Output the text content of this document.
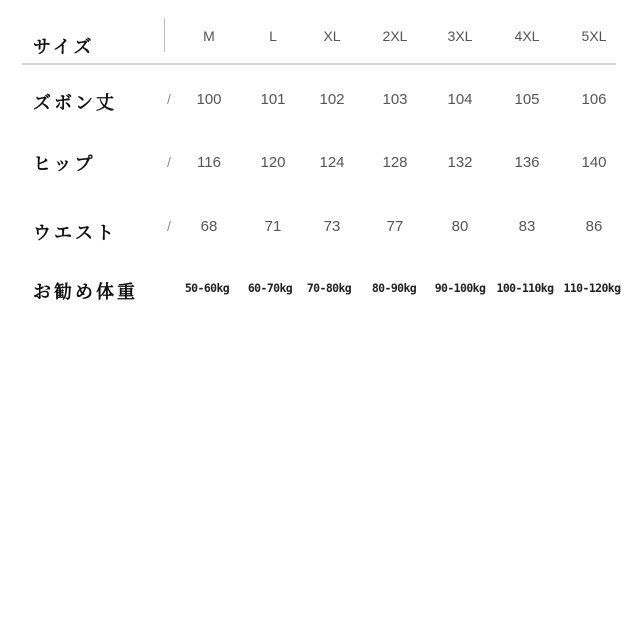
サイズ
M	L	XL	2XL	3XL	4XL	5XL
ズボン丈	/	100	101	102	103	104	105	106
ヒップ	/	116	120	124	128	132	136	140
ウエスト	/	68	71	73	77	80	83	86
お勧め体重	50-60kg	60-70kg	70-80kg	80-90kg	90-100kg 100-110kg 110-120kg
